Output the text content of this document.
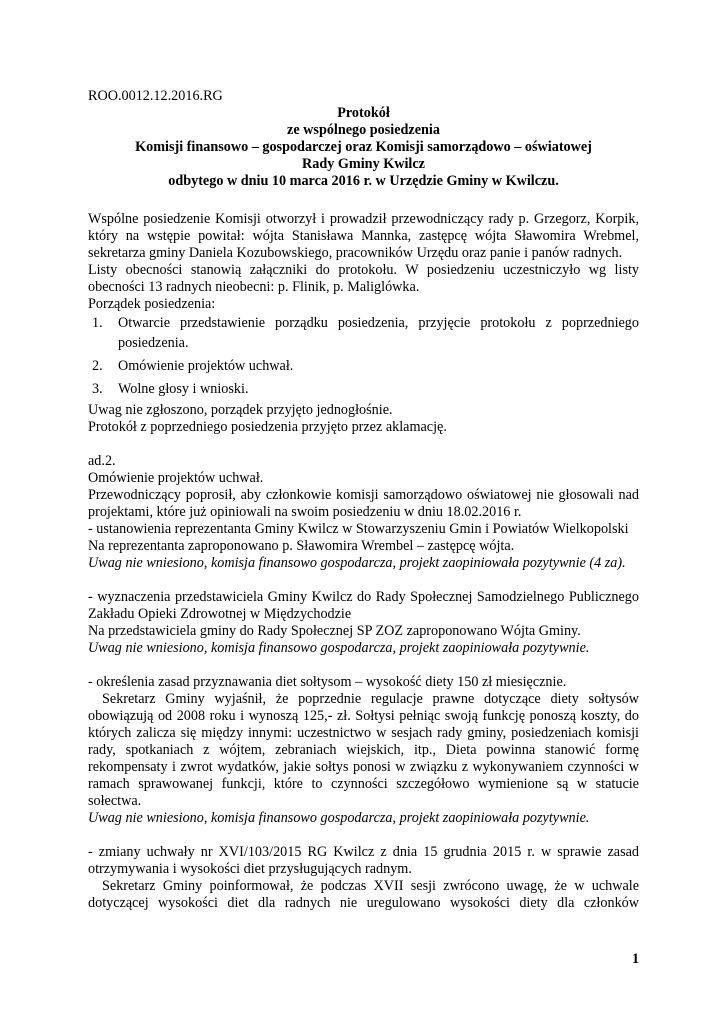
ROO.0012.12.2016.RG

Protokół

ze wspólnego posiedzenia

Komisji finansowo – gospodarczej oraz Komisji samorządowo – oświatowej

Rady Gminy Kwilcz

odbytego w dniu 10 marca 2016 r. w Urzędzie Gminy w Kwilczu.

Wspólne posiedzenie Komisji otworzył i prowadził przewodniczący rady p. Grzegorz, Korpik, który na wstępie powitał: wójta Stanisława Mannka, zastępcę wójta Sławomira Wrebmel, sekretarza gminy Daniela Kozubowskiego, pracowników Urzędu oraz panie i panów radnych.

Listy obecności stanowią załączniki do protokołu. W posiedzeniu uczestniczyło wg listy obecności 13 radnych nieobecni: p. Flinik, p. Maliglówka.

Porządek posiedzenia:

1. Otwarcie przedstawienie porządku posiedzenia, przyjęcie protokołu z poprzedniego posiedzenia.
2. Omówienie projektów uchwał.
3. Wolne głosy i wnioski.

Uwag nie zgłoszono, porządek przyjęto jednogłośnie.

Protokół z poprzedniego posiedzenia przyjęto przez aklamację.

ad.2.

Omówienie projektów uchwał.

Przewodniczący poprosił, aby członkowie komisji samorządowo oświatowej nie głosowali nad projektami, które już opiniowali na swoim posiedzeniu w dniu 18.02.2016 r.

- ustanowienia reprezentanta Gminy Kwilcz w Stowarzyszeniu Gmin i Powiatów Wielkopolski

Na reprezentanta zaproponowano p. Sławomira Wrembel – zastępcę wójta.

Uwag nie wniesiono, komisja finansowo gospodarcza, projekt zaopiniowała pozytywnie (4 za).

- wyznaczenia przedstawiciela Gminy Kwilcz do Rady Społecznej Samodzielnego Publicznego Zakładu Opieki Zdrowotnej w Międzychodzie

Na przedstawiciela gminy do Rady Społecznej SP ZOZ zaproponowano Wójta Gminy.

Uwag nie wniesiono, komisja finansowo gospodarcza, projekt zaopiniowała pozytywnie.

- określenia zasad przyznawania diet sołtysom – wysokość diety 150 zł miesięcznie.

Sekretarz Gminy wyjaśnił, że poprzednie regulacje prawne dotyczące diety sołtysów obowiązują od 2008 roku i wynoszą 125,- zł. Sołtysi pełniąc swoją funkcję ponoszą koszty, do których zalicza się między innymi: uczestnictwo w sesjach rady gminy, posiedzeniach komisji rady, spotkaniach z wójtem, zebraniach wiejskich, itp., Dieta powinna stanowić formę rekompensaty i zwrot wydatków, jakie sołtys ponosi w związku z wykonywaniem czynności w ramach sprawowanej funkcji, które to czynności szczegółowo wymienione są w statucie sołectwa.

Uwag nie wniesiono, komisja finansowo gospodarcza, projekt zaopiniowała pozytywnie.

- zmiany uchwały nr XVI/103/2015 RG Kwilcz z dnia 15 grudnia 2015 r. w sprawie zasad otrzymywania i wysokości diet przysługujących radnym.

Sekretarz Gminy poinformował, że podczas XVII sesji zwrócono uwagę, że w uchwale dotyczącej wysokości diet dla radnych nie uregulowano wysokości diety dla członków

1
